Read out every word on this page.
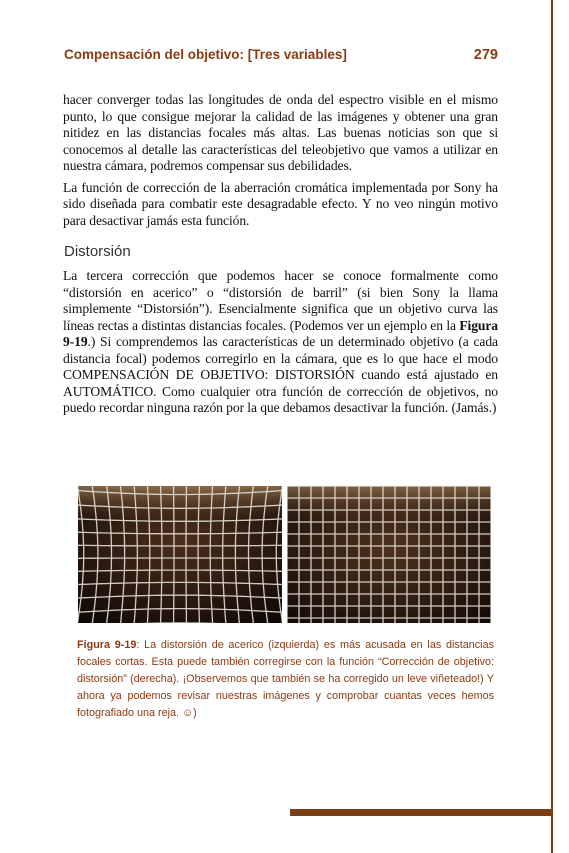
Compensación del objetivo: [Tres variables]	279

hacer converger todas las longitudes de onda del espectro visible en el mismo punto, lo que consigue mejorar la calidad de las imágenes y obtener una gran nitidez en las distancias focales más altas. Las buenas noticias son que si conocemos al detalle las características del teleobjetivo que vamos a utilizar en nuestra cámara, podremos compensar sus debilidades.

La función de corrección de la aberración cromática implementada por Sony ha sido diseñada para combatir este desagradable efecto. Y no veo ningún motivo para desactivar jamás esta función.

Distorsión

La tercera corrección que podemos hacer se conoce formalmente como “distorsión en acerico” o “distorsión de barril” (si bien Sony la llama simplemente “Distorsión”). Esencialmente significa que un objetivo curva las líneas rectas a distintas distancias focales. (Podemos ver un ejemplo en la Figura 9-19.) Si comprendemos las características de un determinado objetivo (a cada distancia focal) podemos corregirlo en la cámara, que es lo que hace el modo COMPENSACIÓN DE OBJETIVO: DISTORSIÓN cuando está ajustado en AUTOMÁTICO. Como cualquier otra función de corrección de objetivos, no puedo recordar ninguna razón por la que debamos desactivar la función. (Jamás.)

Figura 9-19: La distorsión de acerico (izquierda) es más acusada en las distancias focales cortas. Esta puede también corregirse con la función “Corrección de objetivo: distorsión” (derecha). ¡Observemos que también se ha corregido un leve viñeteado!) Y ahora ya podemos revisar nuestras imágenes y comprobar cuantas veces hemos fotografiado una reja. ☺)
